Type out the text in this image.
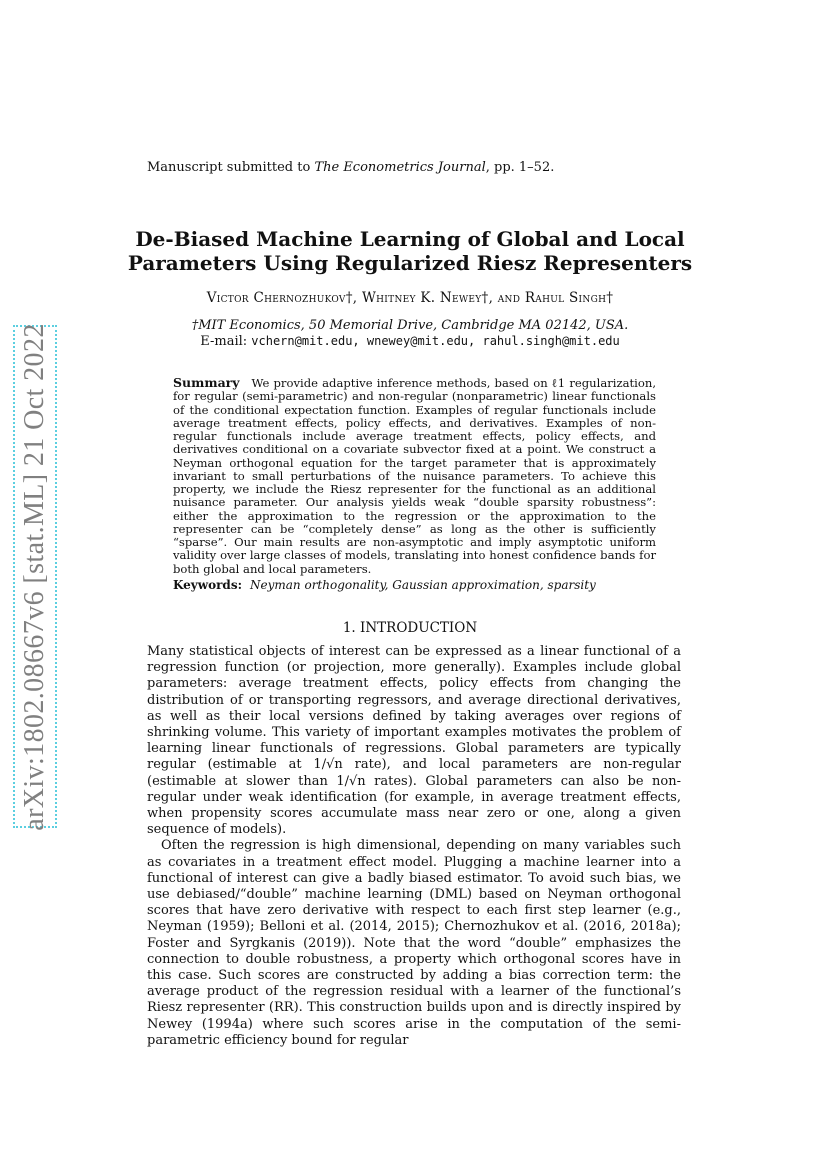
arXiv:1802.08667v6 [stat.ML] 21 Oct 2022
Manuscript submitted to The Econometrics Journal, pp. 1–52.
De-Biased Machine Learning of Global and Local Parameters Using Regularized Riesz Representers
Victor Chernozhukov†, Whitney K. Newey†, and Rahul Singh†
†MIT Economics, 50 Memorial Drive, Cambridge MA 02142, USA.
E-mail: vchern@mit.edu, wnewey@mit.edu, rahul.singh@mit.edu
Summary We provide adaptive inference methods, based on ℓ1 regularization, for regular (semi-parametric) and non-regular (nonparametric) linear functionals of the conditional expectation function. Examples of regular functionals include average treatment effects, policy effects, and derivatives. Examples of non-regular functionals include average treatment effects, policy effects, and derivatives conditional on a covariate subvector fixed at a point. We construct a Neyman orthogonal equation for the target parameter that is approximately invariant to small perturbations of the nuisance parameters. To achieve this property, we include the Riesz representer for the functional as an additional nuisance parameter. Our analysis yields weak “double sparsity robustness”: either the approximation to the regression or the approximation to the representer can be “completely dense” as long as the other is sufficiently “sparse”. Our main results are non-asymptotic and imply asymptotic uniform validity over large classes of models, translating into honest confidence bands for both global and local parameters.
Keywords: Neyman orthogonality, Gaussian approximation, sparsity
1. INTRODUCTION

Many statistical objects of interest can be expressed as a linear functional of a regression function (or projection, more generally). Examples include global parameters: average treatment effects, policy effects from changing the distribution of or transporting regressors, and average directional derivatives, as well as their local versions defined by taking averages over regions of shrinking volume. This variety of important examples motivates the problem of learning linear functionals of regressions. Global parameters are typically regular (estimable at 1/√n rate), and local parameters are non-regular (estimable at slower than 1/√n rates). Global parameters can also be non-regular under weak identification (for example, in average treatment effects, when propensity scores accumulate mass near zero or one, along a given sequence of models).

Often the regression is high dimensional, depending on many variables such as covariates in a treatment effect model. Plugging a machine learner into a functional of interest can give a badly biased estimator. To avoid such bias, we use debiased/“double” machine learning (DML) based on Neyman orthogonal scores that have zero derivative with respect to each first step learner (e.g., Neyman (1959); Belloni et al. (2014, 2015); Chernozhukov et al. (2016, 2018a); Foster and Syrgkanis (2019)). Note that the word “double” emphasizes the connection to double robustness, a property which orthogonal scores have in this case. Such scores are constructed by adding a bias correction term: the average product of the regression residual with a learner of the functional’s Riesz representer (RR). This construction builds upon and is directly inspired by Newey (1994a) where such scores arise in the computation of the semi-parametric efficiency bound for regular
